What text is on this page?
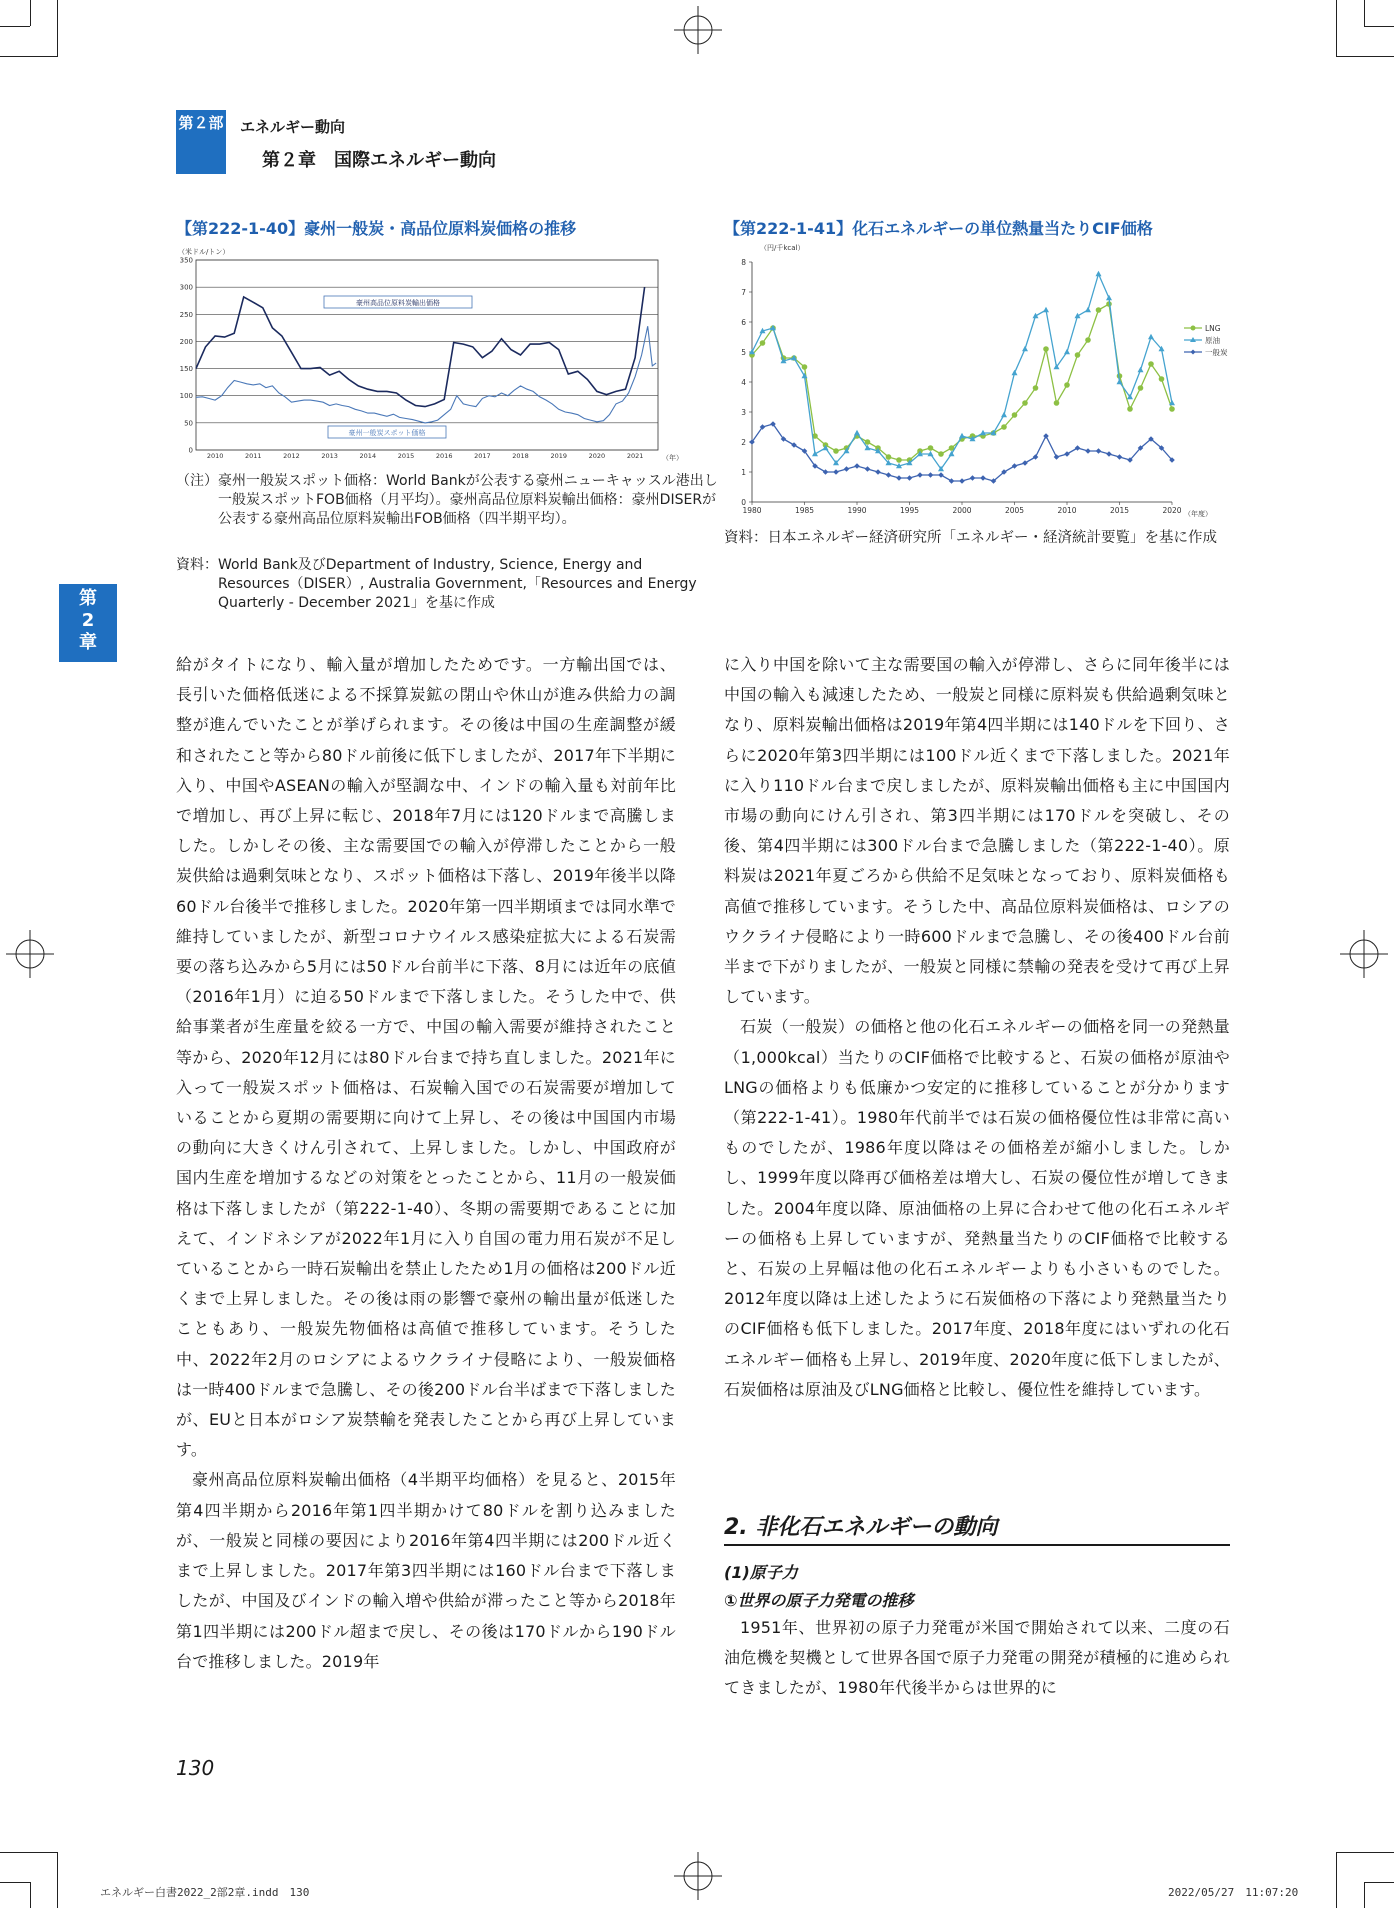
第２部 エネルギー動向
第２章　国際エネルギー動向
第
2
章
【第222-1-40】豪州一般炭・高品位原料炭価格の推移
（米ドル/トン）
（年）
0
50
100
150
200
250
300
350
2010	2011	2012	2013	2014	2015	2016	2017	2018	2019	2020	2021
豪州高品位原料炭輸出価格
豪州一般炭スポット価格
（注）豪州一般炭スポット価格：World Bankが公表する豪州ニューキャッスル港出し一般炭スポットFOB価格（月平均）。豪州高品位原料炭輸出価格：豪州DISERが公表する豪州高品位原料炭輸出FOB価格（四半期平均）。
資料：World Bank及びDepartment of Industry, Science, Energy and Resources（DISER）, Australia Government,「Resources and Energy Quarterly - December 2021」を基に作成
【第222-1-41】化石エネルギーの単位熱量当たりCIF価格
（円/千kcal）
（年度）
0
1
2
3
4
5
6
7
8
1980	1985	1990	1995	2000	2005	2010	2015	2020
LNG
原油
一般炭
資料：日本エネルギー経済研究所「エネルギー・経済統計要覧」を基に作成

給がタイトになり、輸入量が増加したためです。一方輸出国では、長引いた価格低迷による不採算炭鉱の閉山や休山が進み供給力の調整が進んでいたことが挙げられます。その後は中国の生産調整が緩和されたこと等から80ドル前後に低下しましたが、2017年下半期に入り、中国やASEANの輸入が堅調な中、インドの輸入量も対前年比で増加し、再び上昇に転じ、2018年7月には120ドルまで高騰しました。しかしその後、主な需要国での輸入が停滞したことから一般炭供給は過剰気味となり、スポット価格は下落し、2019年後半以降60ドル台後半で推移しました。2020年第一四半期頃までは同水準で維持していましたが、新型コロナウイルス感染症拡大による石炭需要の落ち込みから5月には50ドル台前半に下落、8月には近年の底値（2016年1月）に迫る50ドルまで下落しました。そうした中で、供給事業者が生産量を絞る一方で、中国の輸入需要が維持されたこと等から、2020年12月には80ドル台まで持ち直しました。2021年に入って一般炭スポット価格は、石炭輸入国での石炭需要が増加していることから夏期の需要期に向けて上昇し、その後は中国国内市場の動向に大きくけん引されて、上昇しました。しかし、中国政府が国内生産を増加するなどの対策をとったことから、11月の一般炭価格は下落しましたが（第222-1-40）、冬期の需要期であることに加えて、インドネシアが2022年1月に入り自国の電力用石炭が不足していることから一時石炭輸出を禁止したため1月の価格は200ドル近くまで上昇しました。その後は雨の影響で豪州の輸出量が低迷したこともあり、一般炭先物価格は高値で推移しています。そうした中、2022年2月のロシアによるウクライナ侵略により、一般炭価格は一時400ドルまで急騰し、その後200ドル台半ばまで下落しましたが、EUと日本がロシア炭禁輸を発表したことから再び上昇しています。

豪州高品位原料炭輸出価格（4半期平均価格）を見ると、2015年第4四半期から2016年第1四半期かけて80ドルを割り込みましたが、一般炭と同様の要因により2016年第4四半期には200ドル近くまで上昇しました。2017年第3四半期には160ドル台まで下落しましたが、中国及びインドの輸入増や供給が滞ったこと等から2018年第1四半期には200ドル超まで戻し、その後は170ドルから190ドル台で推移しました。2019年

に入り中国を除いて主な需要国の輸入が停滞し、さらに同年後半には中国の輸入も減速したため、一般炭と同様に原料炭も供給過剰気味となり、原料炭輸出価格は2019年第4四半期には140ドルを下回り、さらに2020年第3四半期には100ドル近くまで下落しました。2021年に入り110ドル台まで戻しましたが、原料炭輸出価格も主に中国国内市場の動向にけん引され、第3四半期には170ドルを突破し、その後、第4四半期には300ドル台まで急騰しました（第222-1-40）。原料炭は2021年夏ごろから供給不足気味となっており、原料炭価格も高値で推移しています。そうした中、高品位原料炭価格は、ロシアのウクライナ侵略により一時600ドルまで急騰し、その後400ドル台前半まで下がりましたが、一般炭と同様に禁輸の発表を受けて再び上昇しています。

石炭（一般炭）の価格と他の化石エネルギーの価格を同一の発熱量（1,000kcal）当たりのCIF価格で比較すると、石炭の価格が原油やLNGの価格よりも低廉かつ安定的に推移していることが分かります（第222-1-41）。1980年代前半では石炭の価格優位性は非常に高いものでしたが、1986年度以降はその価格差が縮小しました。しかし、1999年度以降再び価格差は増大し、石炭の優位性が増してきました。2004年度以降、原油価格の上昇に合わせて他の化石エネルギーの価格も上昇していますが、発熱量当たりのCIF価格で比較すると、石炭の上昇幅は他の化石エネルギーよりも小さいものでした。2012年度以降は上述したように石炭価格の下落により発熱量当たりのCIF価格も低下しました。2017年度、2018年度にはいずれの化石エネルギー価格も上昇し、2019年度、2020年度に低下しましたが、石炭価格は原油及びLNG価格と比較し、優位性を維持しています。

2. 非化石エネルギーの動向
(1)原子力
①世界の原子力発電の推移

1951年、世界初の原子力発電が米国で開始されて以来、二度の石油危機を契機として世界各国で原子力発電の開発が積極的に進められてきましたが、1980年代後半からは世界的に

130
エネルギー白書2022_2部2章.indd　130	2022/05/27　11:07:20
